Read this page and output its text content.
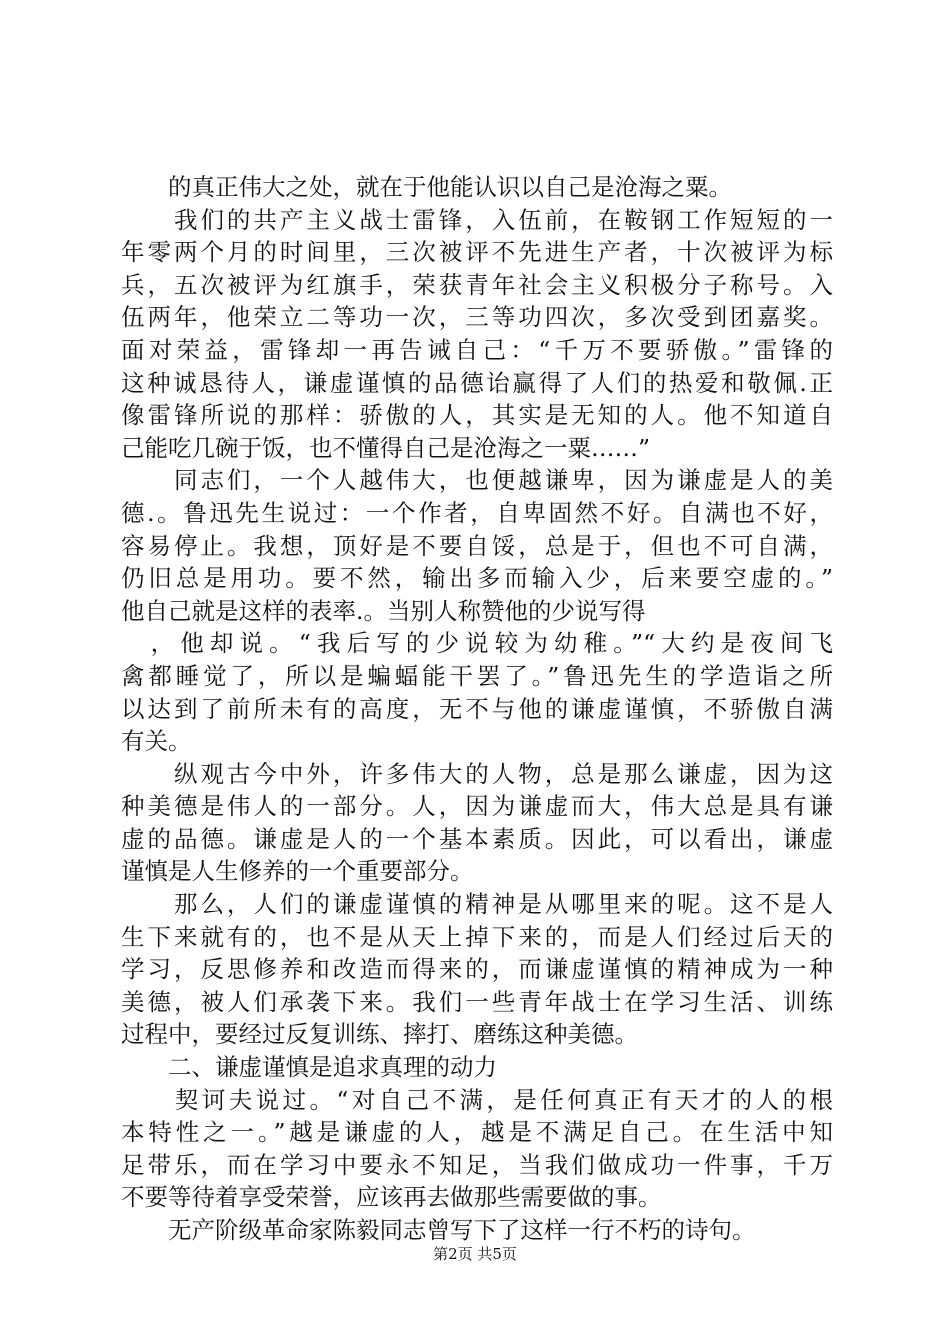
　　的真正伟大之处，就在于他能认识以自己是沧海之粟。
　　我们的共产主义战士雷锋，入伍前，在鞍钢工作短短的一
年零两个月的时间里，三次被评不先进生产者，十次被评为标
兵，五次被评为红旗手，荣获青年社会主义积极分子称号。入
伍两年，他荣立二等功一次，三等功四次，多次受到团嘉奖。
面对荣益，雷锋却一再告诫自己：“千万不要骄傲。”雷锋的
这种诚恳待人，谦虚谨慎的品德诒赢得了人们的热爱和敬佩.正
像雷锋所说的那样：骄傲的人，其实是无知的人。他不知道自
己能吃几碗于饭，也不懂得自己是沧海之一粟……”
　　同志们，一个人越伟大，也便越谦卑，因为谦虚是人的美
德.。鲁迅先生说过：一个作者，自卑固然不好。自满也不好，
容易停止。我想，顶好是不要自馁，总是于，但也不可自满，
仍旧总是用功。要不然，输出多而输入少，后来要空虚的。”
他自己就是这样的表率.。当别人称赞他的少说写得
　，他却说。“我后写的少说较为幼稚。”“大约是夜间飞
禽都睡觉了，所以是蝙蝠能干罢了。”鲁迅先生的学造诣之所
以达到了前所未有的高度，无不与他的谦虚谨慎，不骄傲自满
有关。
　　纵观古今中外，许多伟大的人物，总是那么谦虚，因为这
种美德是伟人的一部分。人，因为谦虚而大，伟大总是具有谦
虚的品德。谦虚是人的一个基本素质。因此，可以看出，谦虚
谨慎是人生修养的一个重要部分。
　　那么，人们的谦虚谨慎的精神是从哪里来的呢。这不是人
生下来就有的，也不是从天上掉下来的，而是人们经过后天的
学习，反思修养和改造而得来的，而谦虚谨慎的精神成为一种
美德，被人们承袭下来。我们一些青年战士在学习生活、训练
过程中，要经过反复训练、摔打、磨练这种美德。
　　二、谦虚谨慎是追求真理的动力
　　契诃夫说过。“对自己不满，是任何真正有天才的人的根
本特性之一。”越是谦虚的人，越是不满足自己。在生活中知
足带乐，而在学习中要永不知足，当我们做成功一件事，千万
不要等待着享受荣誉，应该再去做那些需要做的事。
　　无产阶级革命家陈毅同志曾写下了这样一行不朽的诗句。
第2页 共5页
